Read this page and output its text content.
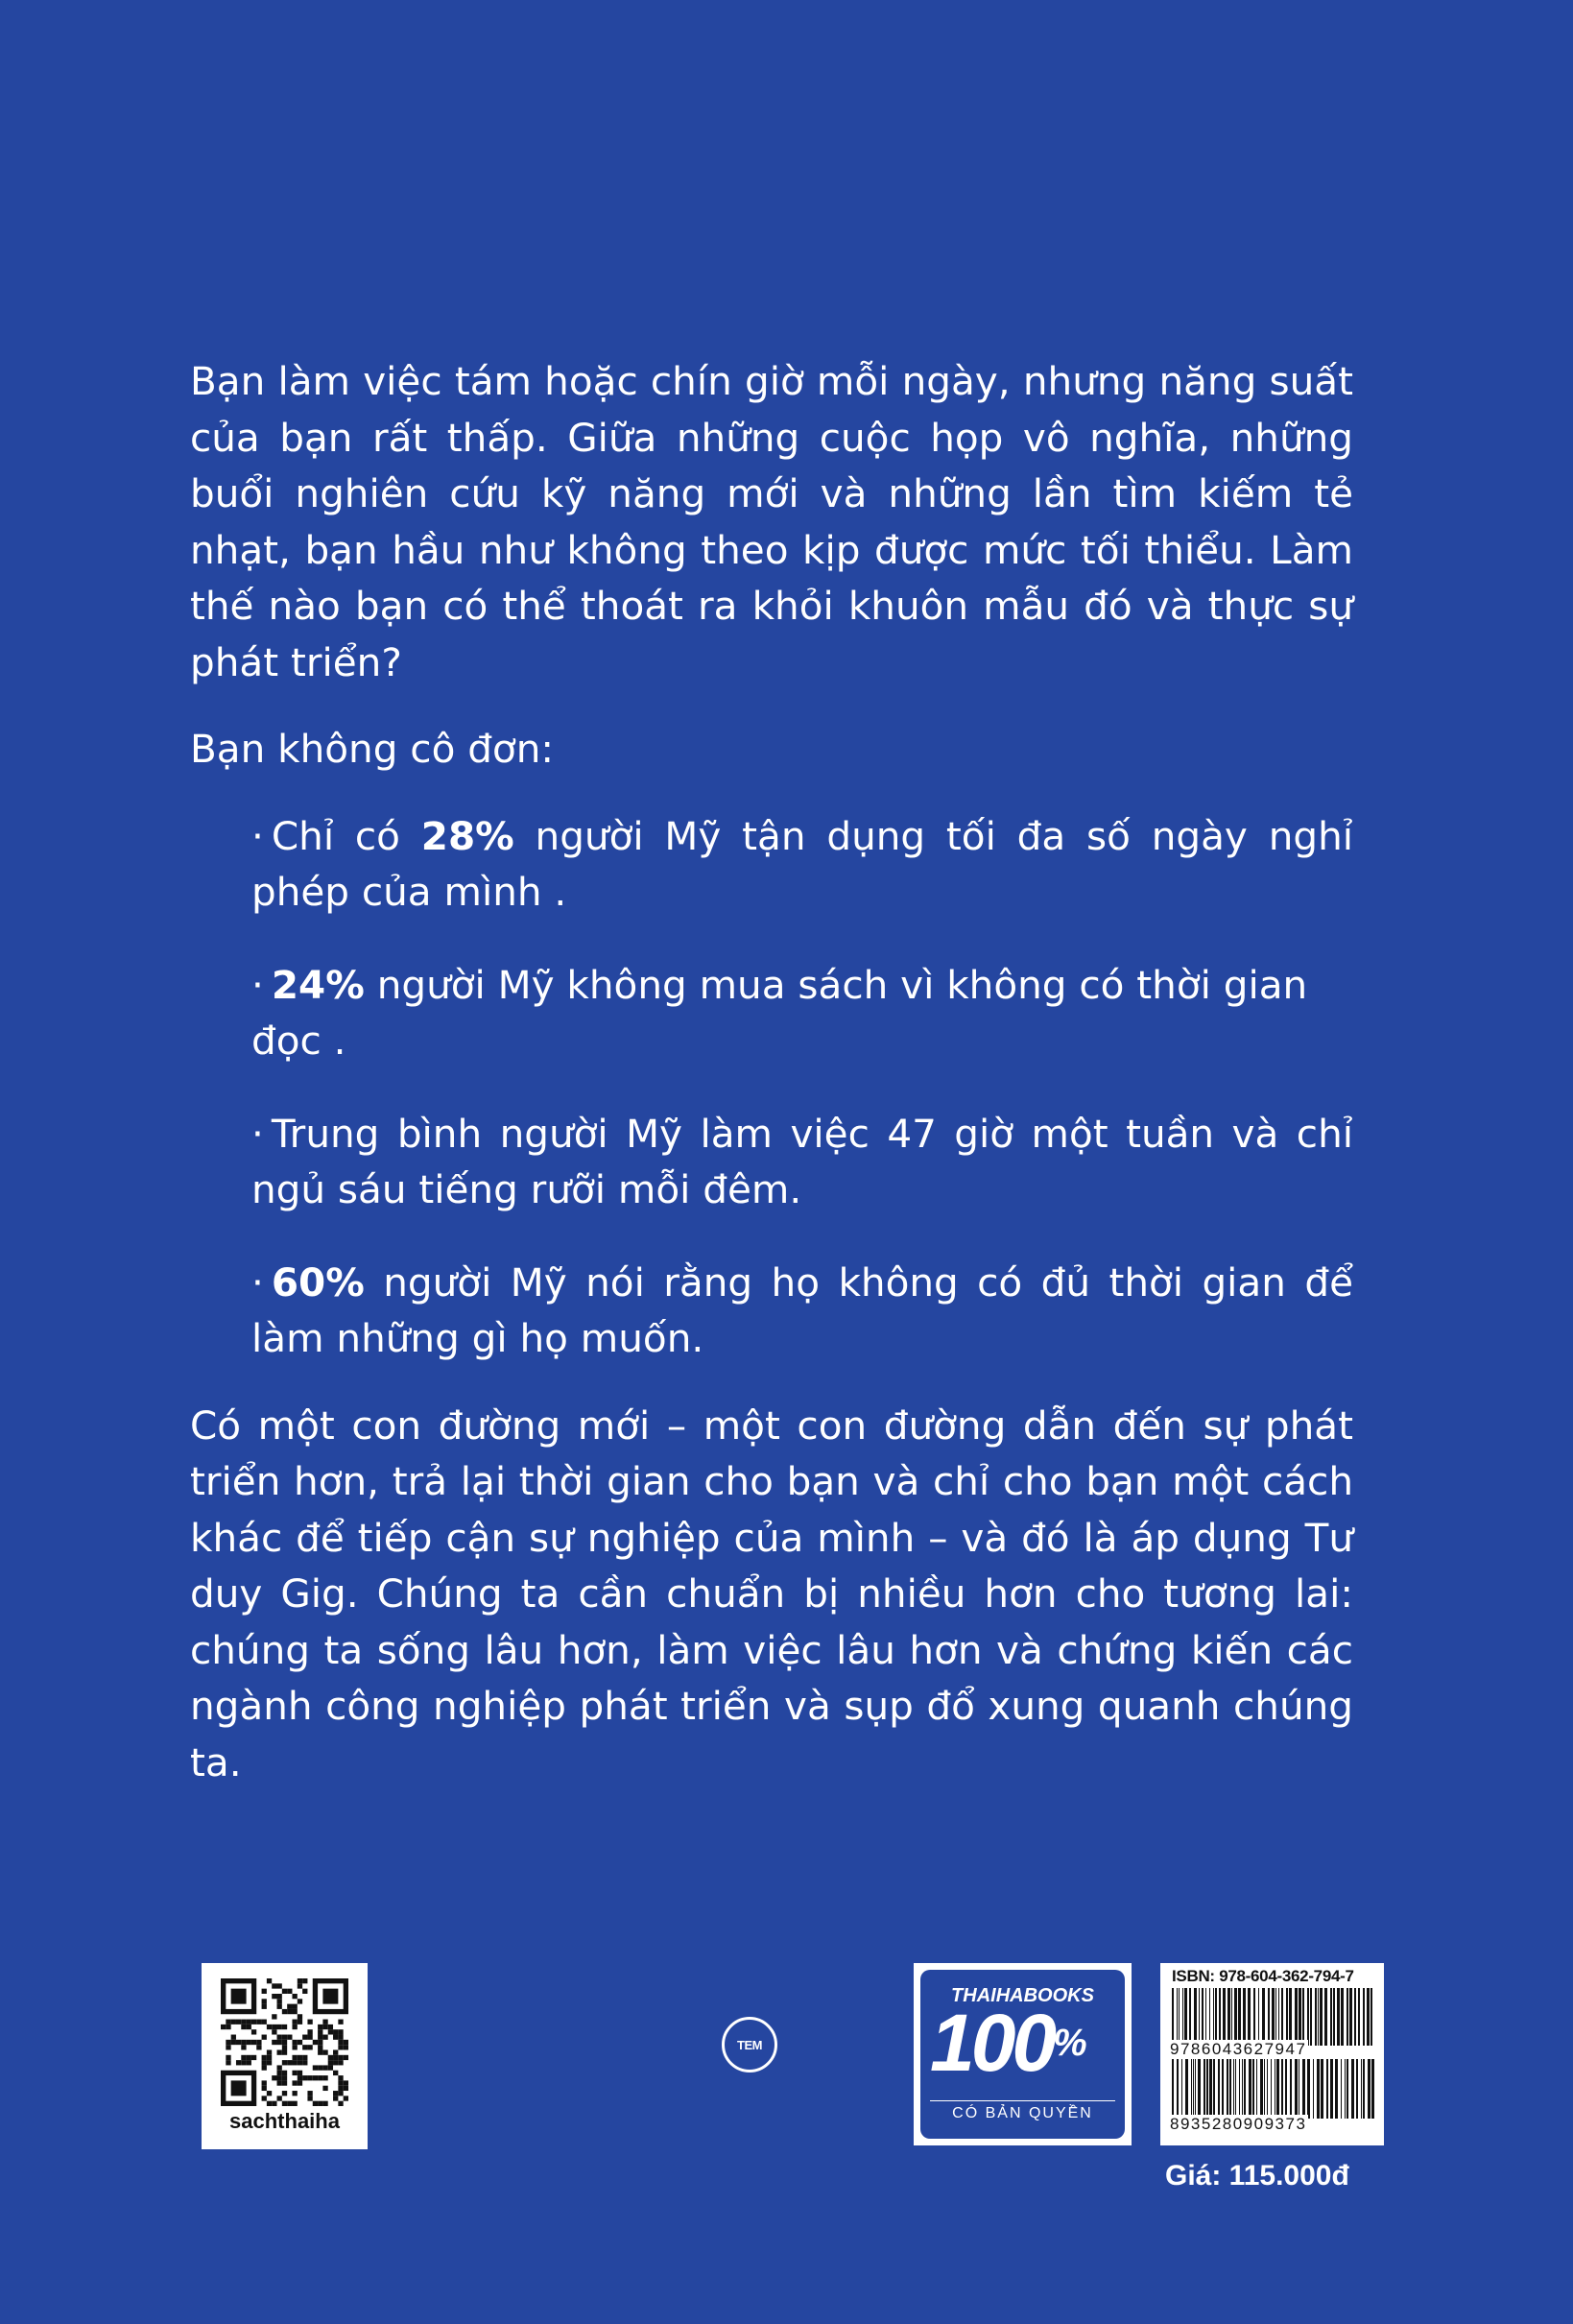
Bạn làm việc tám hoặc chín giờ mỗi ngày, nhưng năng suất của bạn rất thấp. Giữa những cuộc họp vô nghĩa, những buổi nghiên cứu kỹ năng mới và những lần tìm kiếm tẻ nhạt, bạn hầu như không theo kịp được mức tối thiểu. Làm thế nào bạn có thể thoát ra khỏi khuôn mẫu đó và thực sự phát triển?

Bạn không cô đơn:

· Chỉ có 28% người Mỹ tận dụng tối đa số ngày nghỉ phép của mình .
· 24% người Mỹ không mua sách vì không có thời gian đọc .
· Trung bình người Mỹ làm việc 47 giờ một tuần và chỉ ngủ sáu tiếng rưỡi mỗi đêm.
· 60% người Mỹ nói rằng họ không có đủ thời gian để làm những gì họ muốn.

Có một con đường mới – một con đường dẫn đến sự phát triển hơn, trả lại thời gian cho bạn và chỉ cho bạn một cách khác để tiếp cận sự nghiệp của mình – và đó là áp dụng Tư duy Gig. Chúng ta cần chuẩn bị nhiều hơn cho tương lai: chúng ta sống lâu hơn, làm việc lâu hơn và chứng kiến các ngành công nghiệp phát triển và sụp đổ xung quanh chúng ta.

sachthaiha
TEM
THAIHABOOKS
100%
CÓ BẢN QUYỀN
ISBN: 978-604-362-794-7
9786043627947
8935280909373
Giá: 115.000đ
